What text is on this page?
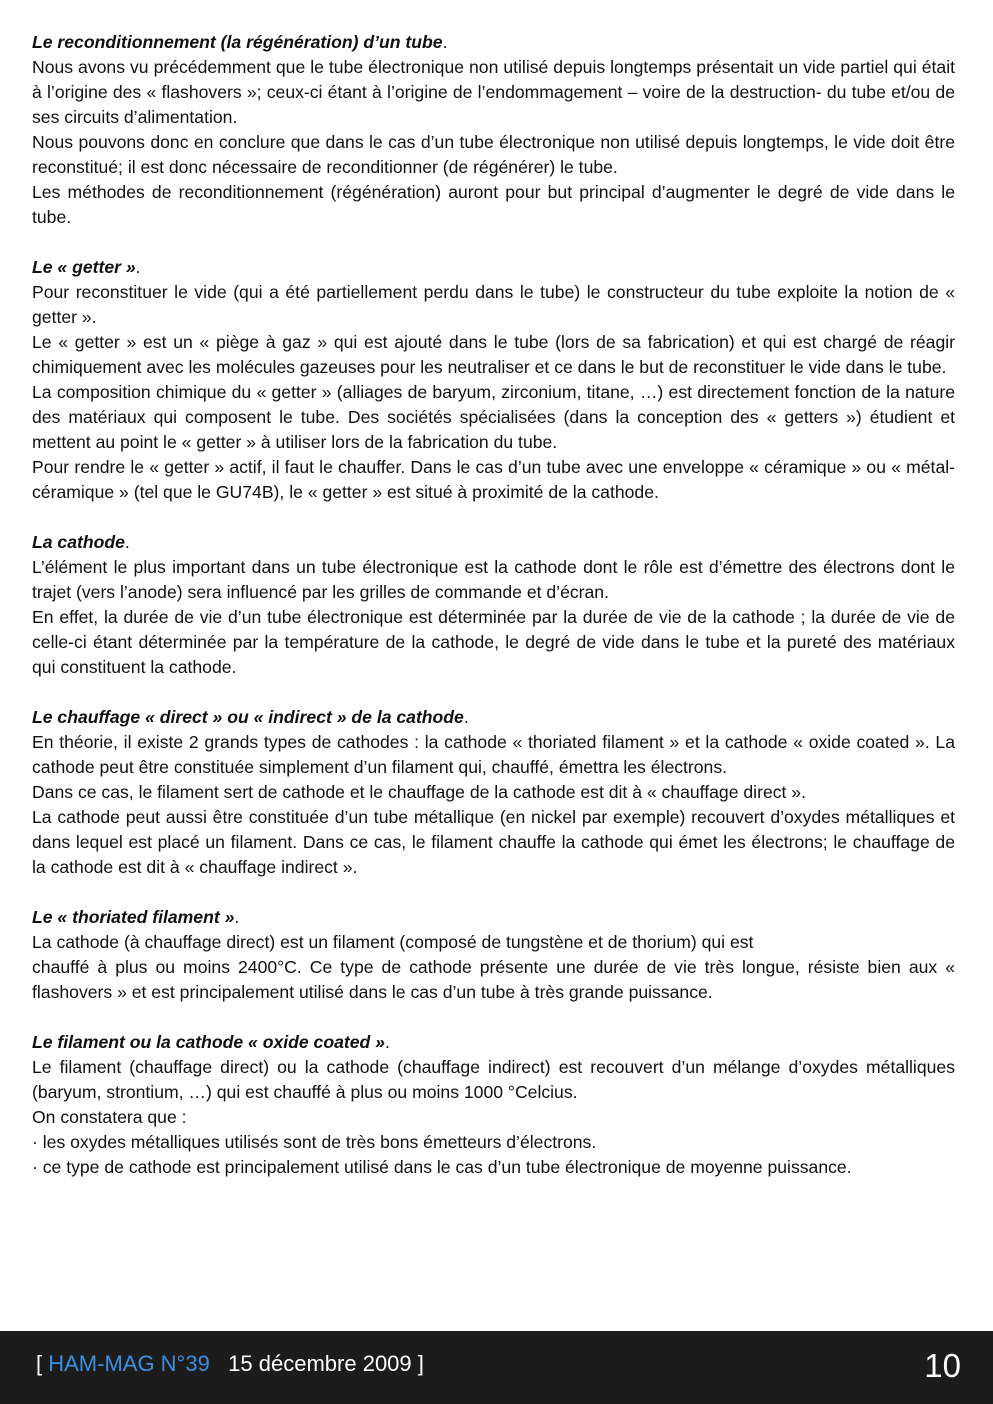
Le reconditionnement (la régénération) d’un tube.

Nous avons vu précédemment que le tube électronique non utilisé depuis longtemps présentait un vide partiel qui était à l’origine des « flashovers »; ceux-ci étant à l’origine de l’endommagement – voire de la destruction- du tube et/ou de ses circuits d’alimentation.

Nous pouvons donc en conclure que dans le cas d’un tube électronique non utilisé depuis longtemps, le vide doit être reconstitué; il est donc nécessaire de reconditionner (de régénérer) le tube.

Les méthodes de reconditionnement (régénération) auront pour but principal d’augmenter le degré de vide dans le tube.

Le « getter ».

Pour reconstituer le vide (qui a été partiellement perdu dans le tube) le constructeur du tube exploite la notion de « getter ».

Le « getter » est un « piège à gaz » qui est ajouté dans le tube (lors de sa fabrication) et qui est chargé de réagir chimiquement avec les molécules gazeuses pour les neutraliser et ce dans le but de reconstituer le vide dans le tube.

La composition chimique du « getter » (alliages de baryum, zirconium, titane, …) est directement fonction de la nature des matériaux qui composent le tube. Des sociétés spécialisées (dans la conception des « getters ») étudient et mettent au point le « getter » à utiliser lors de la fabrication du tube.

Pour rendre le « getter » actif, il faut le chauffer. Dans le cas d’un tube avec une enveloppe « céramique » ou « métal-céramique » (tel que le GU74B), le « getter » est situé à proximité de la cathode.

La cathode.

L’élément le plus important dans un tube électronique est la cathode dont le rôle est d’émettre des électrons dont le trajet (vers l’anode) sera influencé par les grilles de commande et d’écran.

En effet, la durée de vie d’un tube électronique est déterminée par la durée de vie de la cathode ; la durée de vie de celle-ci étant déterminée par la température de la cathode, le degré de vide dans le tube et la pureté des matériaux qui constituent la cathode.

Le chauffage « direct » ou « indirect » de la cathode.

En théorie, il existe 2 grands types de cathodes : la cathode « thoriated filament » et la cathode « oxide coated ». La cathode peut être constituée simplement d’un filament qui, chauffé, émettra les électrons.

Dans ce cas, le filament sert de cathode et le chauffage de la cathode est dit à « chauffage direct ».

La cathode peut aussi être constituée d’un tube métallique (en nickel par exemple) recouvert d’oxydes métalliques et dans lequel est placé un filament. Dans ce cas, le filament chauffe la cathode qui émet les électrons; le chauffage de la cathode est dit à « chauffage indirect ».

Le « thoriated filament ».

La cathode (à chauffage direct) est un filament (composé de tungstène et de thorium) qui est

chauffé à plus ou moins 2400°C. Ce type de cathode présente une durée de vie très longue, résiste bien aux « flashovers » et est principalement utilisé dans le cas d’un tube à très grande puissance.

Le filament ou la cathode « oxide coated ».

Le filament (chauffage direct) ou la cathode (chauffage indirect) est recouvert d’un mélange d’oxydes métalliques (baryum, strontium, …) qui est chauffé à plus ou moins 1000 °Celcius.

On constatera que :

· les oxydes métalliques utilisés sont de très bons émetteurs d’électrons.

· ce type de cathode est principalement utilisé dans le cas d’un tube électronique de moyenne puissance.

[ HAM-MAG N°39   15 décembre 2009 ]	10
